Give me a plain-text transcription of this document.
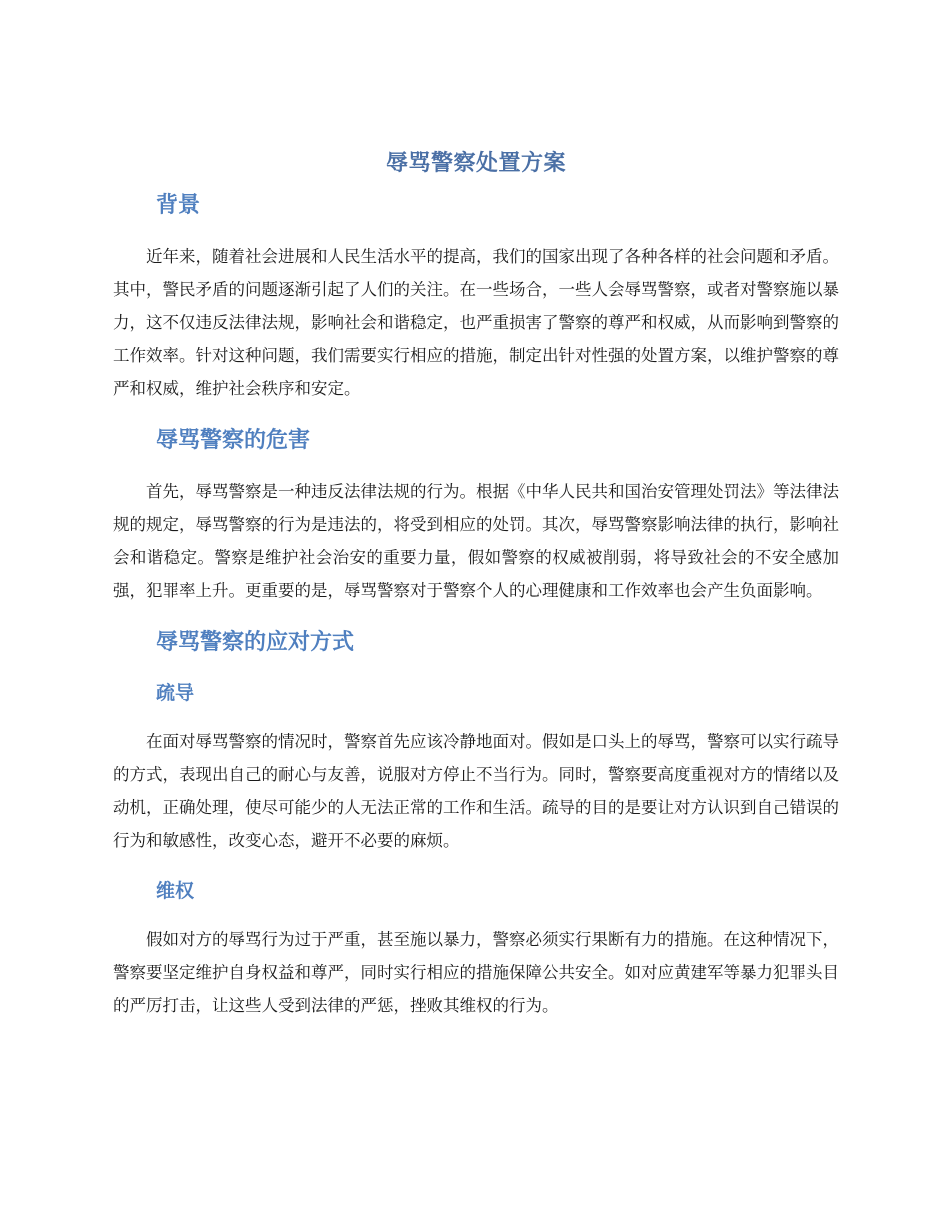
辱骂警察处置方案
背景

近年来，随着社会进展和人民生活水平的提高，我们的国家出现了各种各样的社会问题和矛盾。其中，警民矛盾的问题逐渐引起了人们的关注。在一些场合，一些人会辱骂警察，或者对警察施以暴力，这不仅违反法律法规，影响社会和谐稳定，也严重损害了警察的尊严和权威，从而影响到警察的工作效率。针对这种问题，我们需要实行相应的措施，制定出针对性强的处置方案，以维护警察的尊严和权威，维护社会秩序和安定。

辱骂警察的危害

首先，辱骂警察是一种违反法律法规的行为。根据《中华人民共和国治安管理处罚法》等法律法规的规定，辱骂警察的行为是违法的，将受到相应的处罚。其次，辱骂警察影响法律的执行，影响社会和谐稳定。警察是维护社会治安的重要力量，假如警察的权威被削弱，将导致社会的不安全感加强，犯罪率上升。更重要的是，辱骂警察对于警察个人的心理健康和工作效率也会产生负面影响。

辱骂警察的应对方式
疏导

在面对辱骂警察的情况时，警察首先应该冷静地面对。假如是口头上的辱骂，警察可以实行疏导的方式，表现出自己的耐心与友善，说服对方停止不当行为。同时，警察要高度重视对方的情绪以及动机，正确处理，使尽可能少的人无法正常的工作和生活。疏导的目的是要让对方认识到自己错误的行为和敏感性，改变心态，避开不必要的麻烦。

维权

假如对方的辱骂行为过于严重，甚至施以暴力，警察必须实行果断有力的措施。在这种情况下，警察要坚定维护自身权益和尊严，同时实行相应的措施保障公共安全。如对应黄建军等暴力犯罪头目的严厉打击，让这些人受到法律的严惩，挫败其维权的行为。
